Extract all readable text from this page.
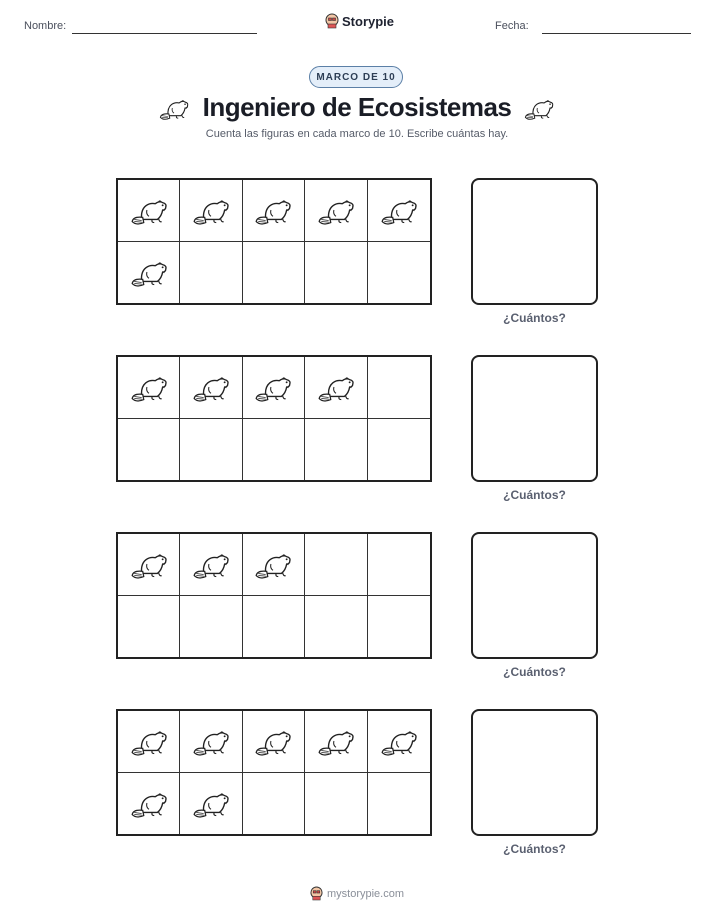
Nombre:	Storypie	Fecha:
MARCO DE 10
Ingeniero de Ecosistemas
Cuenta las figuras en cada marco de 10. Escribe cuántas hay.
¿Cuántos?
¿Cuántos?
¿Cuántos?
¿Cuántos?
mystorypie.com
